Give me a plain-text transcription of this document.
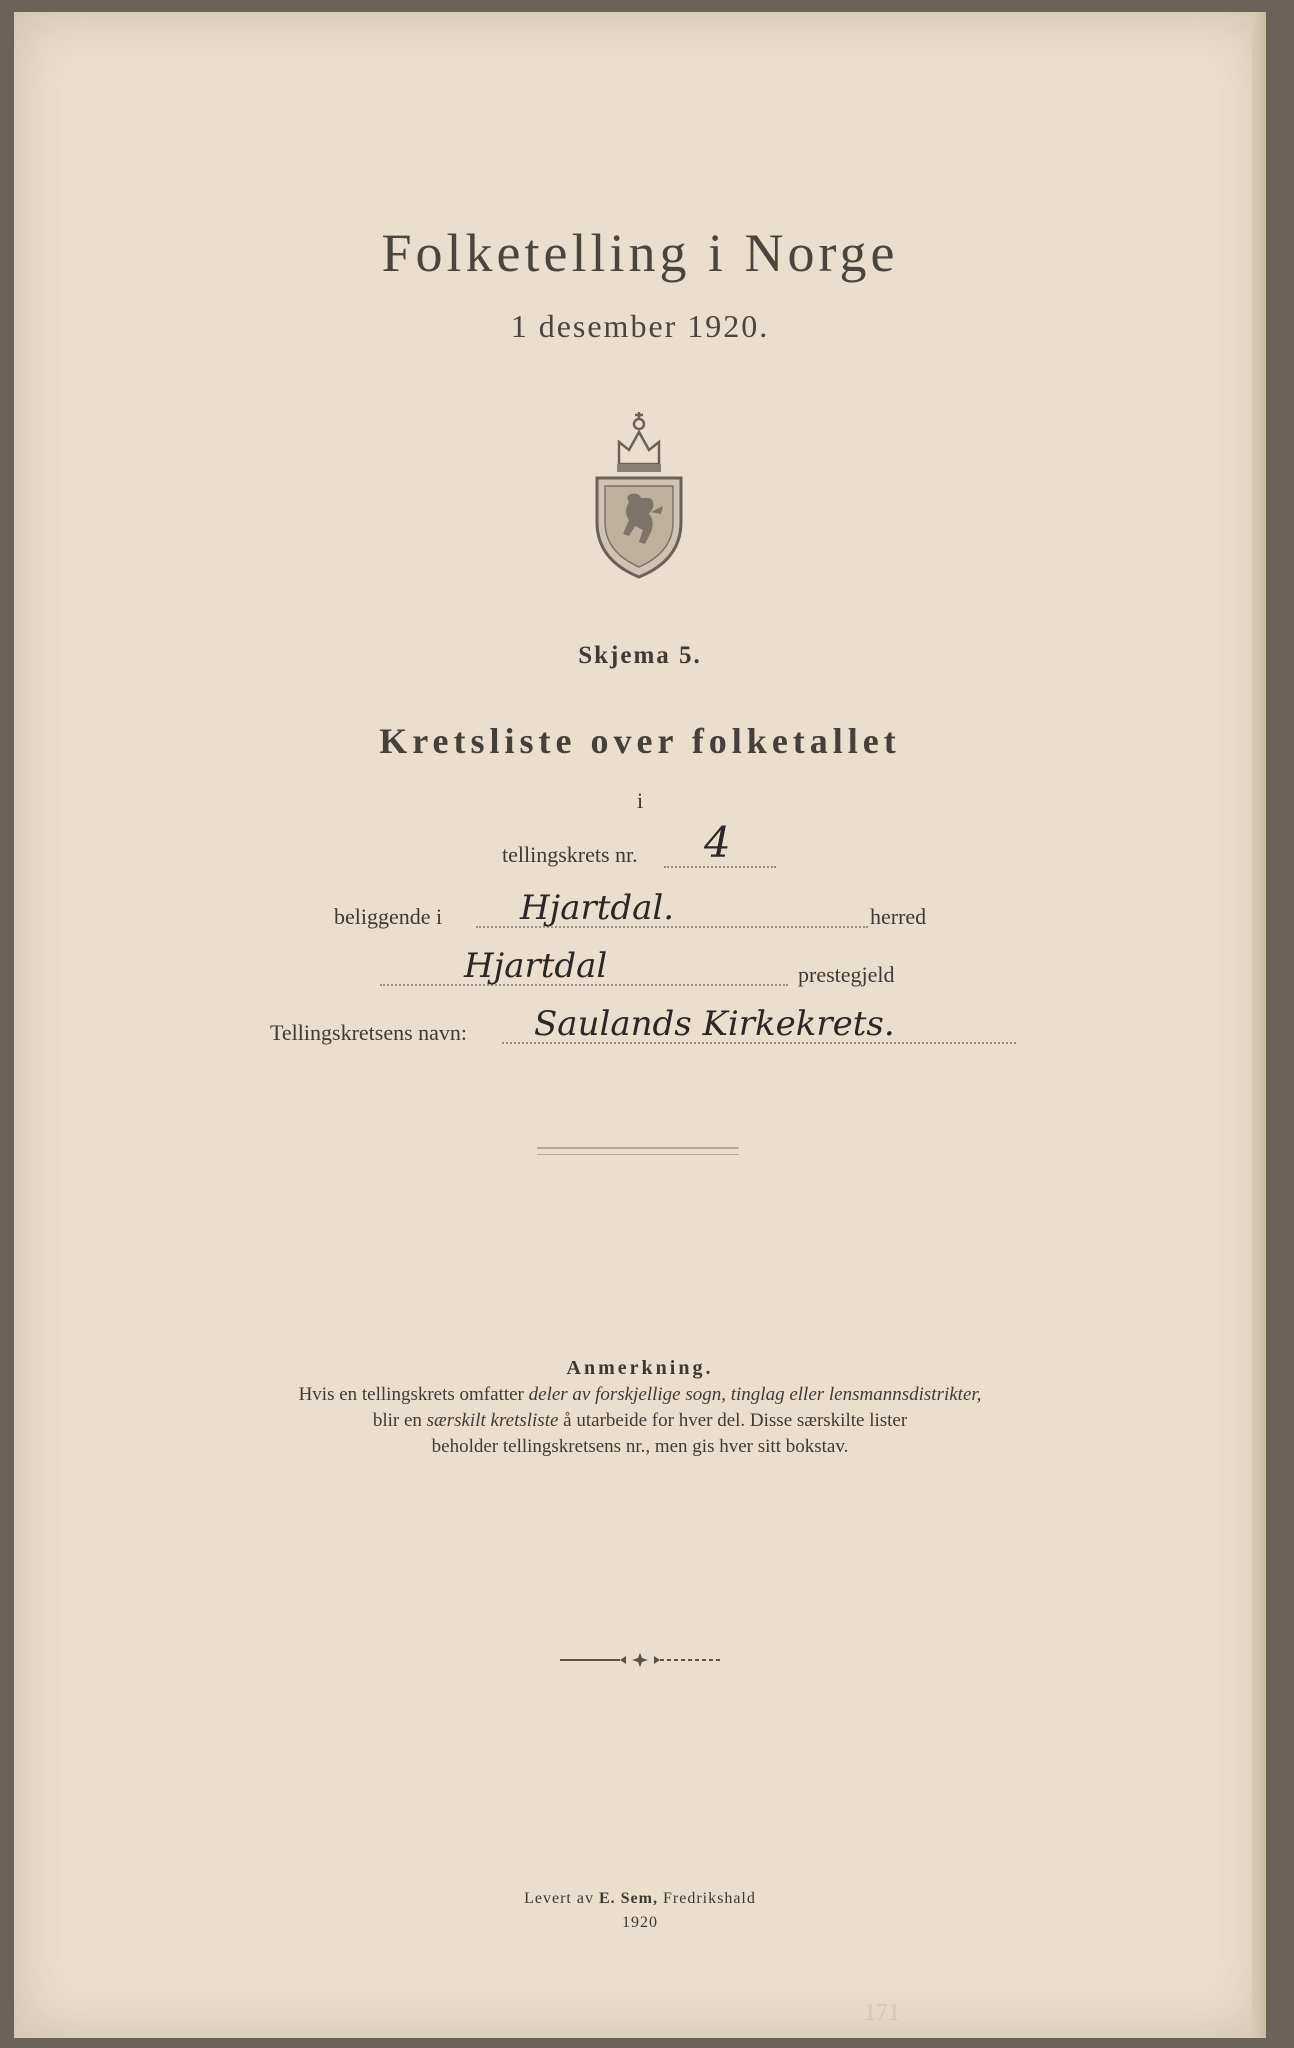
Folketelling i Norge
1 desember 1920.
Skjema 5.
Kretsliste over folketallet
i
tellingskrets nr. 4
beliggende i Hjartdal.	herred
Hjartdal	prestegjeld
Tellingskretsens navn: Saulands Kirkekrets.
Anmerkning.
Hvis en tellingskrets omfatter deler av forskjellige sogn, tinglag eller lensmannsdistrikter,
blir en særskilt kretsliste å utarbeide for hver del. Disse særskilte lister
beholder tellingskretsens nr., men gis hver sitt bokstav.
Levert av E. Sem, Fredrikshald
1920
171
